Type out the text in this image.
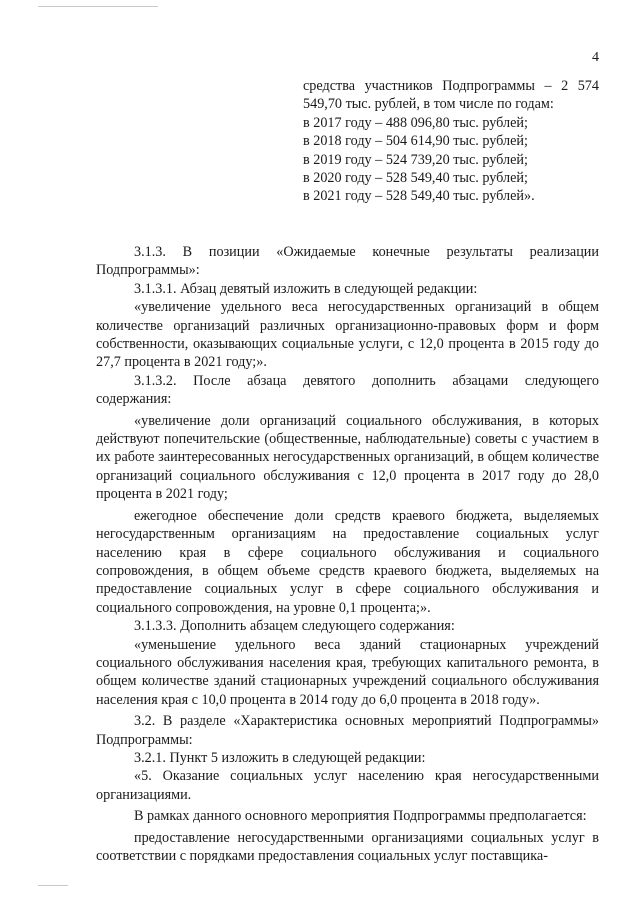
4

средства участников Подпрограммы – 2 574 549,70 тыс. рублей, в том числе по годам:

в 2017 году – 488 096,80 тыс. рублей;

в 2018 году – 504 614,90 тыс. рублей;

в 2019 году – 524 739,20 тыс. рублей;

в 2020 году – 528 549,40 тыс. рублей;

в 2021 году – 528 549,40 тыс. рублей».

3.1.3. В позиции «Ожидаемые конечные результаты реализации Подпрограммы»:

3.1.3.1. Абзац девятый изложить в следующей редакции:

«увеличение удельного веса негосударственных организаций в общем количестве организаций различных организационно-правовых форм и форм собственности, оказывающих социальные услуги, с 12,0 процента в 2015 году до 27,7 процента в 2021 году;».

3.1.3.2. После абзаца девятого дополнить абзацами следующего содержания:

«увеличение доли организаций социального обслуживания, в которых действуют попечительские (общественные, наблюдательные) советы с участием в их работе заинтересованных негосударственных организаций, в общем количестве организаций социального обслуживания с 12,0 процента в 2017 году до 28,0 процента в 2021 году;

ежегодное обеспечение доли средств краевого бюджета, выделяемых негосударственным организациям на предоставление социальных услуг населению края в сфере социального обслуживания и социального сопровождения, в общем объеме средств краевого бюджета, выделяемых на предоставление социальных услуг в сфере социального обслуживания и социального сопровождения, на уровне 0,1 процента;».

3.1.3.3. Дополнить абзацем следующего содержания:

«уменьшение удельного веса зданий стационарных учреждений социального обслуживания населения края, требующих капитального ремонта, в общем количестве зданий стационарных учреждений социального обслуживания населения края с 10,0 процента в 2014 году до 6,0 процента в 2018 году».

3.2. В разделе «Характеристика основных мероприятий Подпрограммы» Подпрограммы:

3.2.1. Пункт 5 изложить в следующей редакции:

«5. Оказание социальных услуг населению края негосударственными организациями.

В рамках данного основного мероприятия Подпрограммы предполагается:

предоставление негосударственными организациями социальных услуг в соответствии с порядками предоставления социальных услуг поставщика-
